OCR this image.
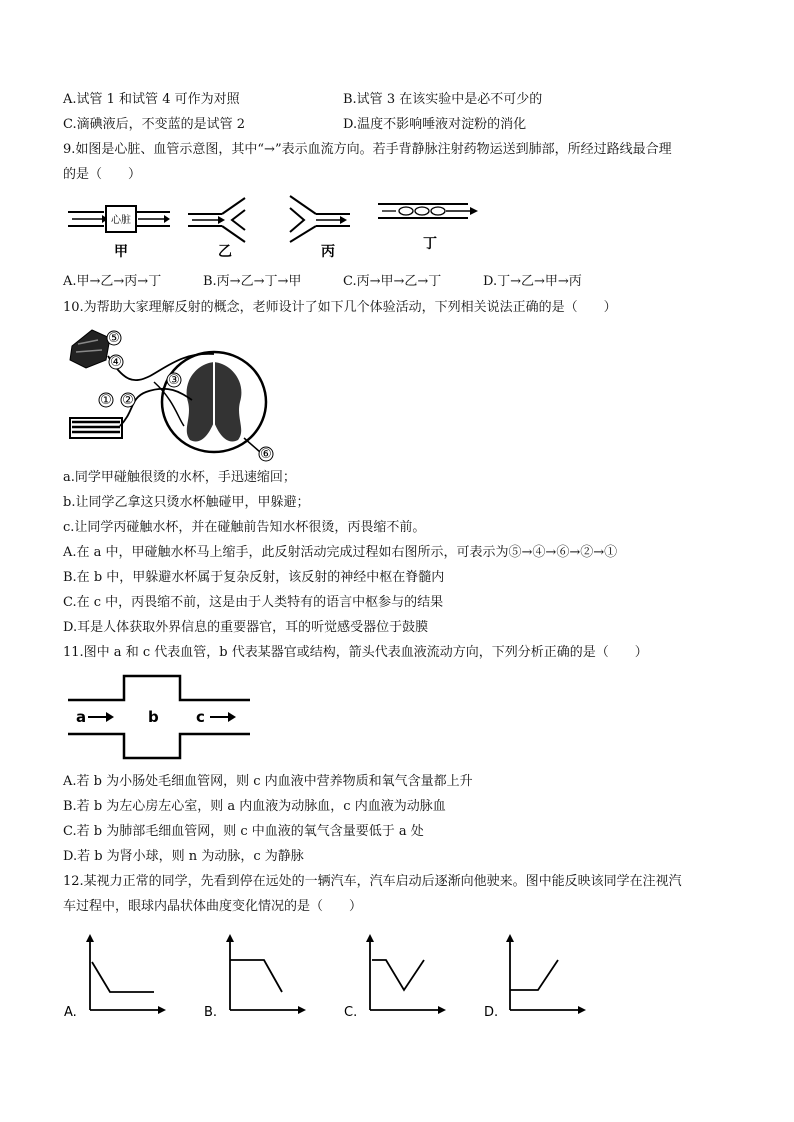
A.试管 1 和试管 4 可作为对照	B.试管 3 在该实验中是必不可少的
C.滴碘液后，不变蓝的是试管 2	D.温度不影响唾液对淀粉的消化
9.如图是心脏、血管示意图，其中“→”表示血流方向。若手背静脉注射药物运送到肺部，所经过路线最合理
的是（　　）
心脏
甲	乙	丙	丁
A.甲→乙→丙→丁	B.丙→乙→丁→甲	C.丙→甲→乙→丁	D.丁→乙→甲→丙
10.为帮助大家理解反射的概念，老师设计了如下几个体验活动，下列相关说法正确的是（　　）
⑤
④
① ②
③
⑥
a.同学甲碰触很烫的水杯，手迅速缩回；
b.让同学乙拿这只烫水杯触碰甲，甲躲避；
c.让同学丙碰触水杯，并在碰触前告知水杯很烫，丙畏缩不前。
A.在 a 中，甲碰触水杯马上缩手，此反射活动完成过程如右图所示，可表示为⑤→④→⑥→②→①
B.在 b 中，甲躲避水杯属于复杂反射，该反射的神经中枢在脊髓内
C.在 c 中，丙畏缩不前，这是由于人类特有的语言中枢参与的结果
D.耳是人体获取外界信息的重要器官，耳的听觉感受器位于鼓膜
11.图中 a 和 c 代表血管，b 代表某器官或结构，箭头代表血液流动方向，下列分析正确的是（　　）
a	b c
A.若 b 为小肠处毛细血管网，则 c 内血液中营养物质和氧气含量都上升
B.若 b 为左心房左心室，则 a 内血液为动脉血，c 内血液为动脉血
C.若 b 为肺部毛细血管网，则 c 中血液的氧气含量要低于 a 处
D.若 b 为肾小球，则 n 为动脉，c 为静脉
12.某视力正常的同学，先看到停在远处的一辆汽车，汽车启动后逐渐向他驶来。图中能反映该同学在注视汽
车过程中，眼球内晶状体曲度变化情况的是（　　）
A.	B.	C.	D.
